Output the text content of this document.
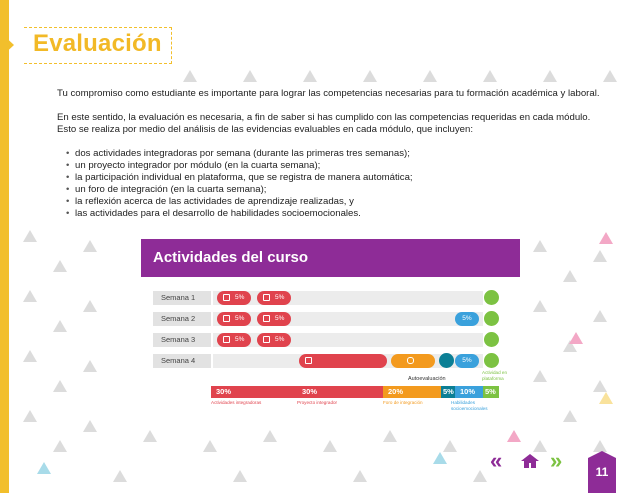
Evaluación
Tu compromiso como estudiante es importante para lograr las competencias necesarias para tu formación académica y laboral.
En este sentido, la evaluación es necesaria, a fin de saber si has cumplido con las competencias requeridas en cada módulo.
Esto se realiza por medio del análisis de las evidencias evaluables en cada módulo, que incluyen:
• dos actividades integradoras por semana (durante las primeras tres semanas);
• un proyecto integrador por módulo (en la cuarta semana);
• la participación individual en plataforma, que se registra de manera automática;
• un foro de integración (en la cuarta semana);
• la reflexión acerca de las actividades de aprendizaje realizadas, y
• las actividades para el desarrollo de habilidades socioemocionales.
Actividades del curso
Semana 1	5%	5%
Semana 2	5%	5%	5%
Semana 3	5%	5%
Semana 4	5%
Autoevaluación
Actividad en plataforma
30%	30%	20%	5% 10%	5%
Actividades integradoras	Proyecto integrador	Foro de integración	Habilidades socioemocionales
« »	11
